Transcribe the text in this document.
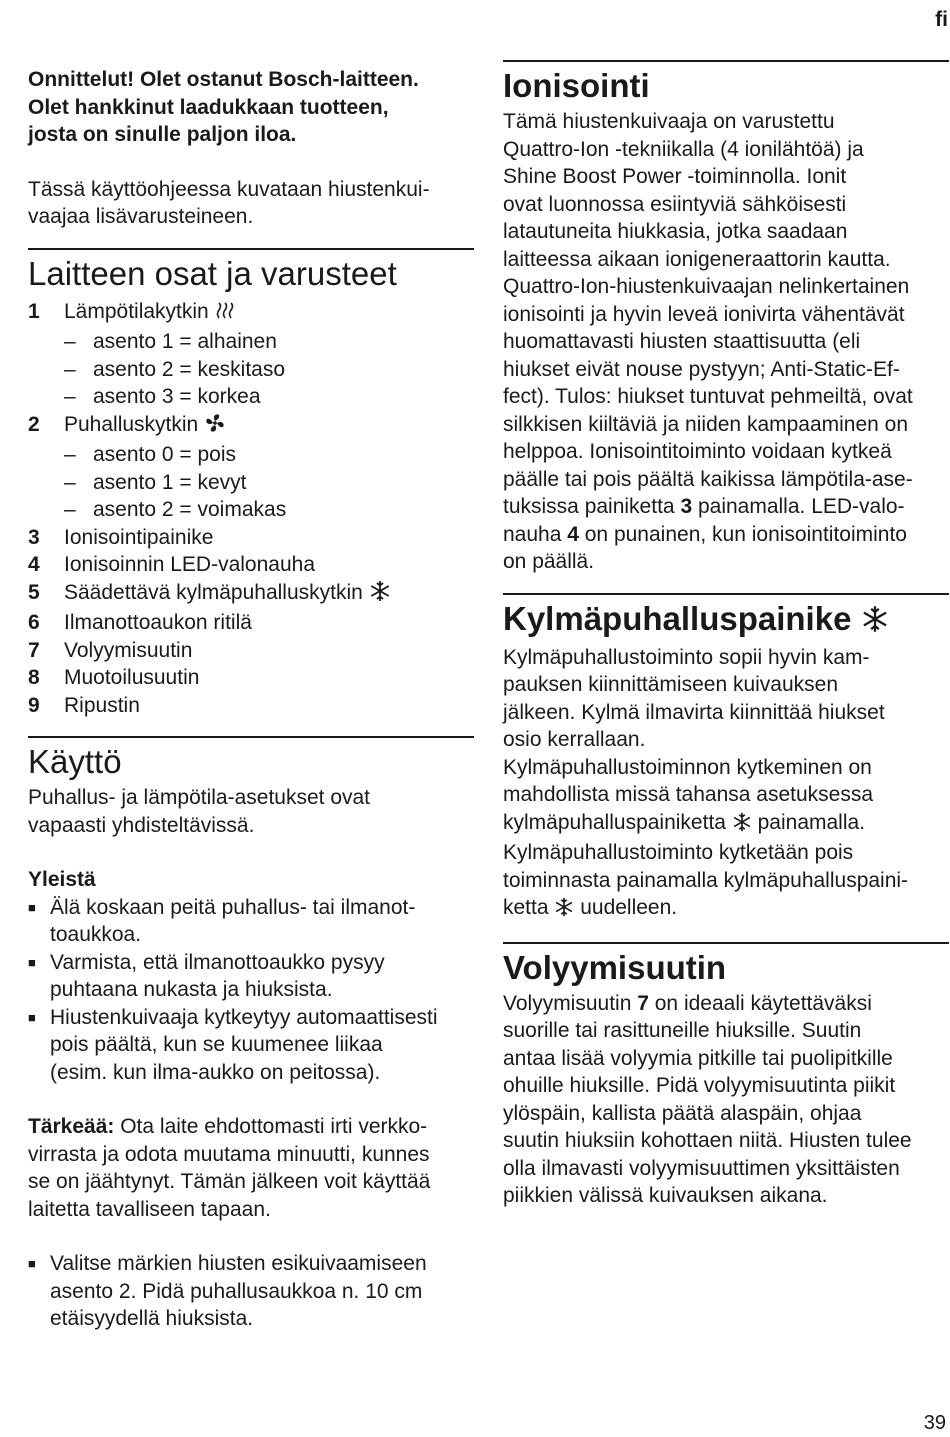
fi

Onnittelut! Olet ostanut Bosch-laitteen.

Olet hankkinut laadukkaan tuotteen,

josta on sinulle paljon iloa.

Tässä käyttöohjeessa kuvataan hiustenkui-

vaajaa lisävarusteineen.

Laitteen osat ja varusteet
1	Lämpötilakytkin
– asento 1 = alhainen
– asento 2 = keskitaso
– asento 3 = korkea
2	Puhalluskytkin
– asento 0 = pois
– asento 1 = kevyt
– asento 2 = voimakas
3	Ionisointipainike
4	Ionisoinnin LED-valonauha
5	Säädettävä kylmäpuhalluskytkin
6	Ilmanottoaukon ritilä
7	Volyymisuutin
8	Muotoilusuutin
9	Ripustin
Käyttö

Puhallus- ja lämpötila-asetukset ovat

vapaasti yhdisteltävissä.

Yleistä
■ Älä koskaan peitä puhallus- tai ilmanot-

toaukkoa.

■ Varmista, että ilmanottoaukko pysyy

puhtaana nukasta ja hiuksista.

■ Hiustenkuivaaja kytkeytyy automaattisesti

pois päältä, kun se kuumenee liikaa

(esim. kun ilma-aukko on peitossa).

Tärkeää: Ota laite ehdottomasti irti verkko-

virrasta ja odota muutama minuutti, kunnes

se on jäähtynyt. Tämän jälkeen voit käyttää

laitetta tavalliseen tapaan.

■ Valitse märkien hiusten esikuivaamiseen

asento 2. Pidä puhallusaukkoa n. 10 cm

etäisyydellä hiuksista.

Ionisointi

Tämä hiustenkuivaaja on varustettu

Quattro-Ion -tekniikalla (4 ionilähtöä) ja

Shine Boost Power -toiminnolla. Ionit

ovat luonnossa esiintyviä sähköisesti

latautuneita hiukkasia, jotka saadaan

laitteessa aikaan ionigeneraattorin kautta.

Quattro-Ion-hiustenkuivaajan nelinkertainen

ionisointi ja hyvin leveä ionivirta vähentävät

huomattavasti hiusten staattisuutta (eli

hiukset eivät nouse pystyyn; Anti-Static-Ef-

fect). Tulos: hiukset tuntuvat pehmeiltä, ovat

silkkisen kiiltäviä ja niiden kampaaminen on

helppoa. Ionisointitoiminto voidaan kytkeä

päälle tai pois päältä kaikissa lämpötila-ase-

tuksissa painiketta 3 painamalla. LED-valo-

nauha 4 on punainen, kun ionisointitoiminto

on päällä.

Kylmäpuhalluspainike

Kylmäpuhallustoiminto sopii hyvin kam-

pauksen kiinnittämiseen kuivauksen

jälkeen. Kylmä ilmavirta kiinnittää hiukset

osio kerrallaan.

Kylmäpuhallustoiminnon kytkeminen on

mahdollista missä tahansa asetuksessa

kylmäpuhalluspainiketta  painamalla.

Kylmäpuhallustoiminto kytketään pois

toiminnasta painamalla kylmäpuhalluspaini-

ketta  uudelleen.

Volyymisuutin

Volyymisuutin 7 on ideaali käytettäväksi

suorille tai rasittuneille hiuksille. Suutin

antaa lisää volyymia pitkille tai puolipitkille

ohuille hiuksille. Pidä volyymisuutinta piikit

ylöspäin, kallista päätä alaspäin, ohjaa

suutin hiuksiin kohottaen niitä. Hiusten tulee

olla ilmavasti volyymisuuttimen yksittäisten

piikkien välissä kuivauksen aikana.

39
